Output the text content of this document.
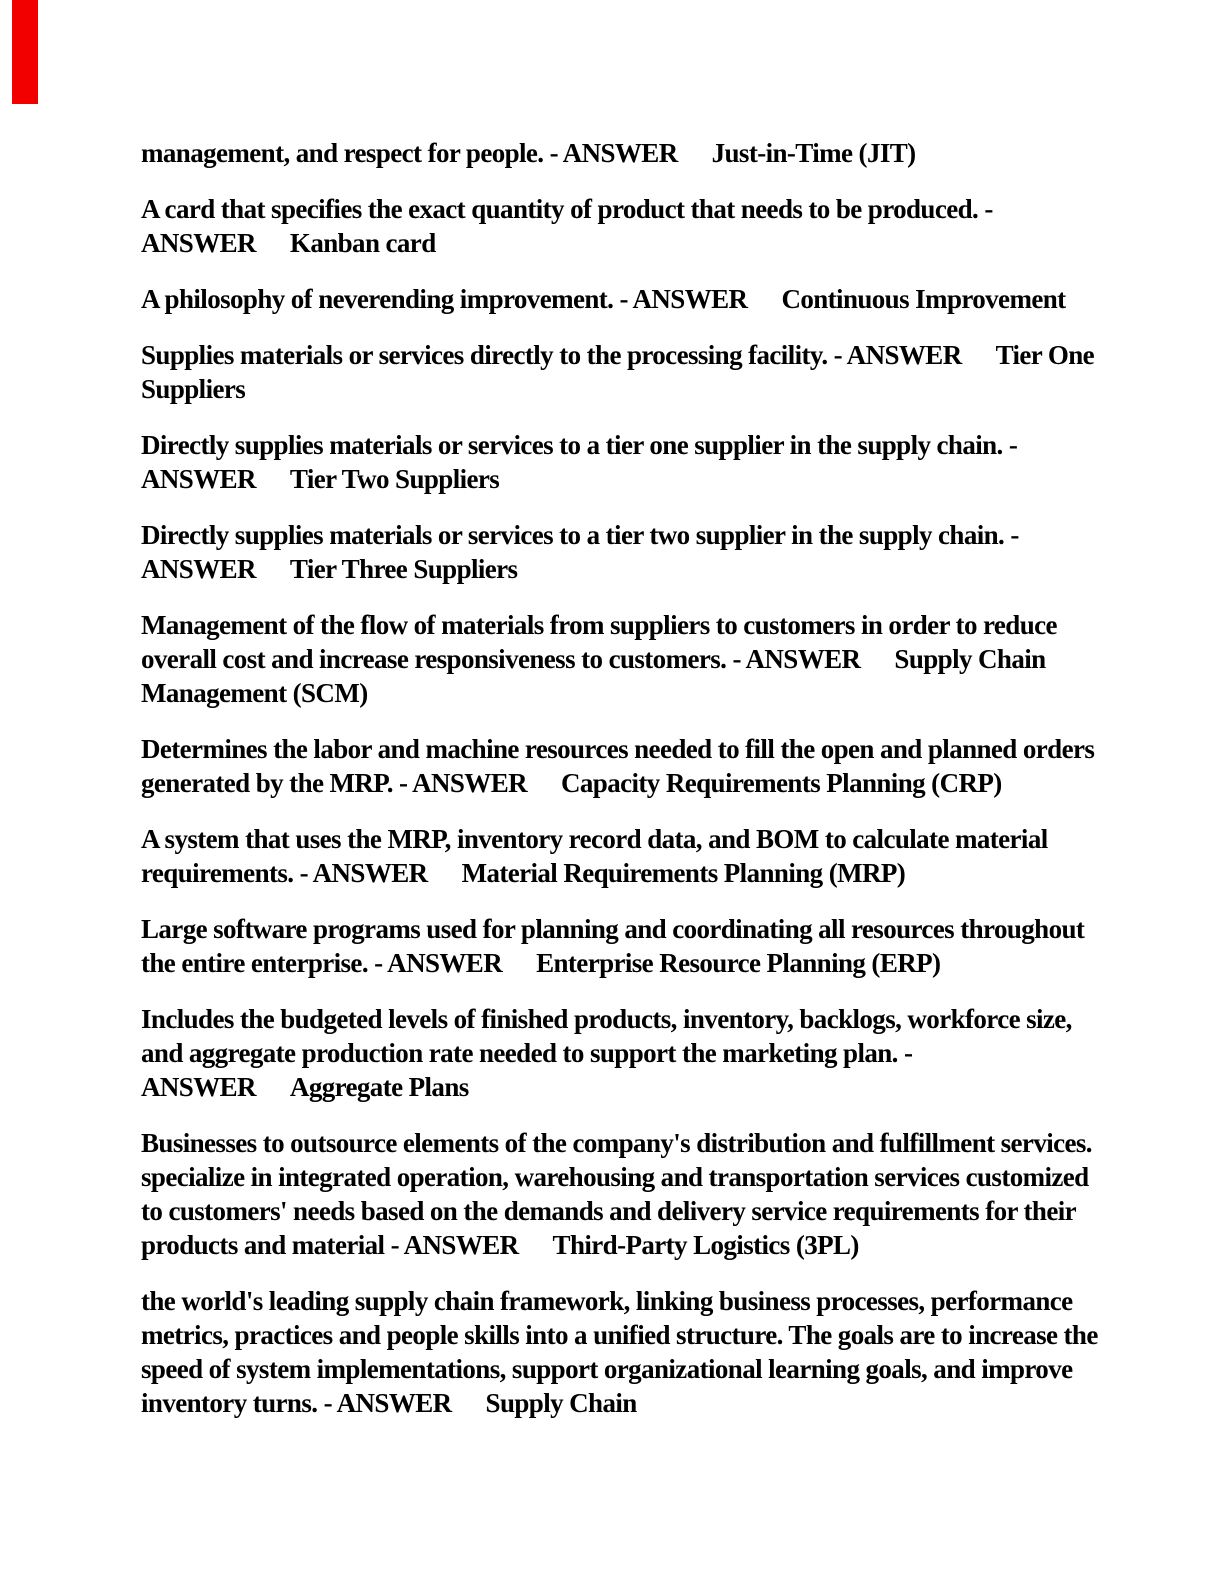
management, and respect for people. - ANSWER Just-in-Time (JIT)

A card that specifies the exact quantity of product that needs to be produced. - ANSWER Kanban card

A philosophy of neverending improvement. - ANSWER Continuous Improvement

Supplies materials or services directly to the processing facility. - ANSWER Tier One Suppliers

Directly supplies materials or services to a tier one supplier in the supply chain. - ANSWER Tier Two Suppliers

Directly supplies materials or services to a tier two supplier in the supply chain. - ANSWER Tier Three Suppliers

Management of the flow of materials from suppliers to customers in order to reduce overall cost and increase responsiveness to customers. - ANSWER Supply Chain Management (SCM)

Determines the labor and machine resources needed to fill the open and planned orders generated by the MRP. - ANSWER Capacity Requirements Planning (CRP)

A system that uses the MRP, inventory record data, and BOM to calculate material requirements. - ANSWER Material Requirements Planning (MRP)

Large software programs used for planning and coordinating all resources throughout the entire enterprise. - ANSWER Enterprise Resource Planning (ERP)

Includes the budgeted levels of finished products, inventory, backlogs, workforce size, and aggregate production rate needed to support the marketing plan. - ANSWER Aggregate Plans

Businesses to outsource elements of the company's distribution and fulfillment services. specialize in integrated operation, warehousing and transportation services customized to customers' needs based on the demands and delivery service requirements for their products and material - ANSWER Third-Party Logistics (3PL)

the world's leading supply chain framework, linking business processes, performance metrics, practices and people skills into a unified structure. The goals are to increase the speed of system implementations, support organizational learning goals, and improve inventory turns. - ANSWER Supply Chain
